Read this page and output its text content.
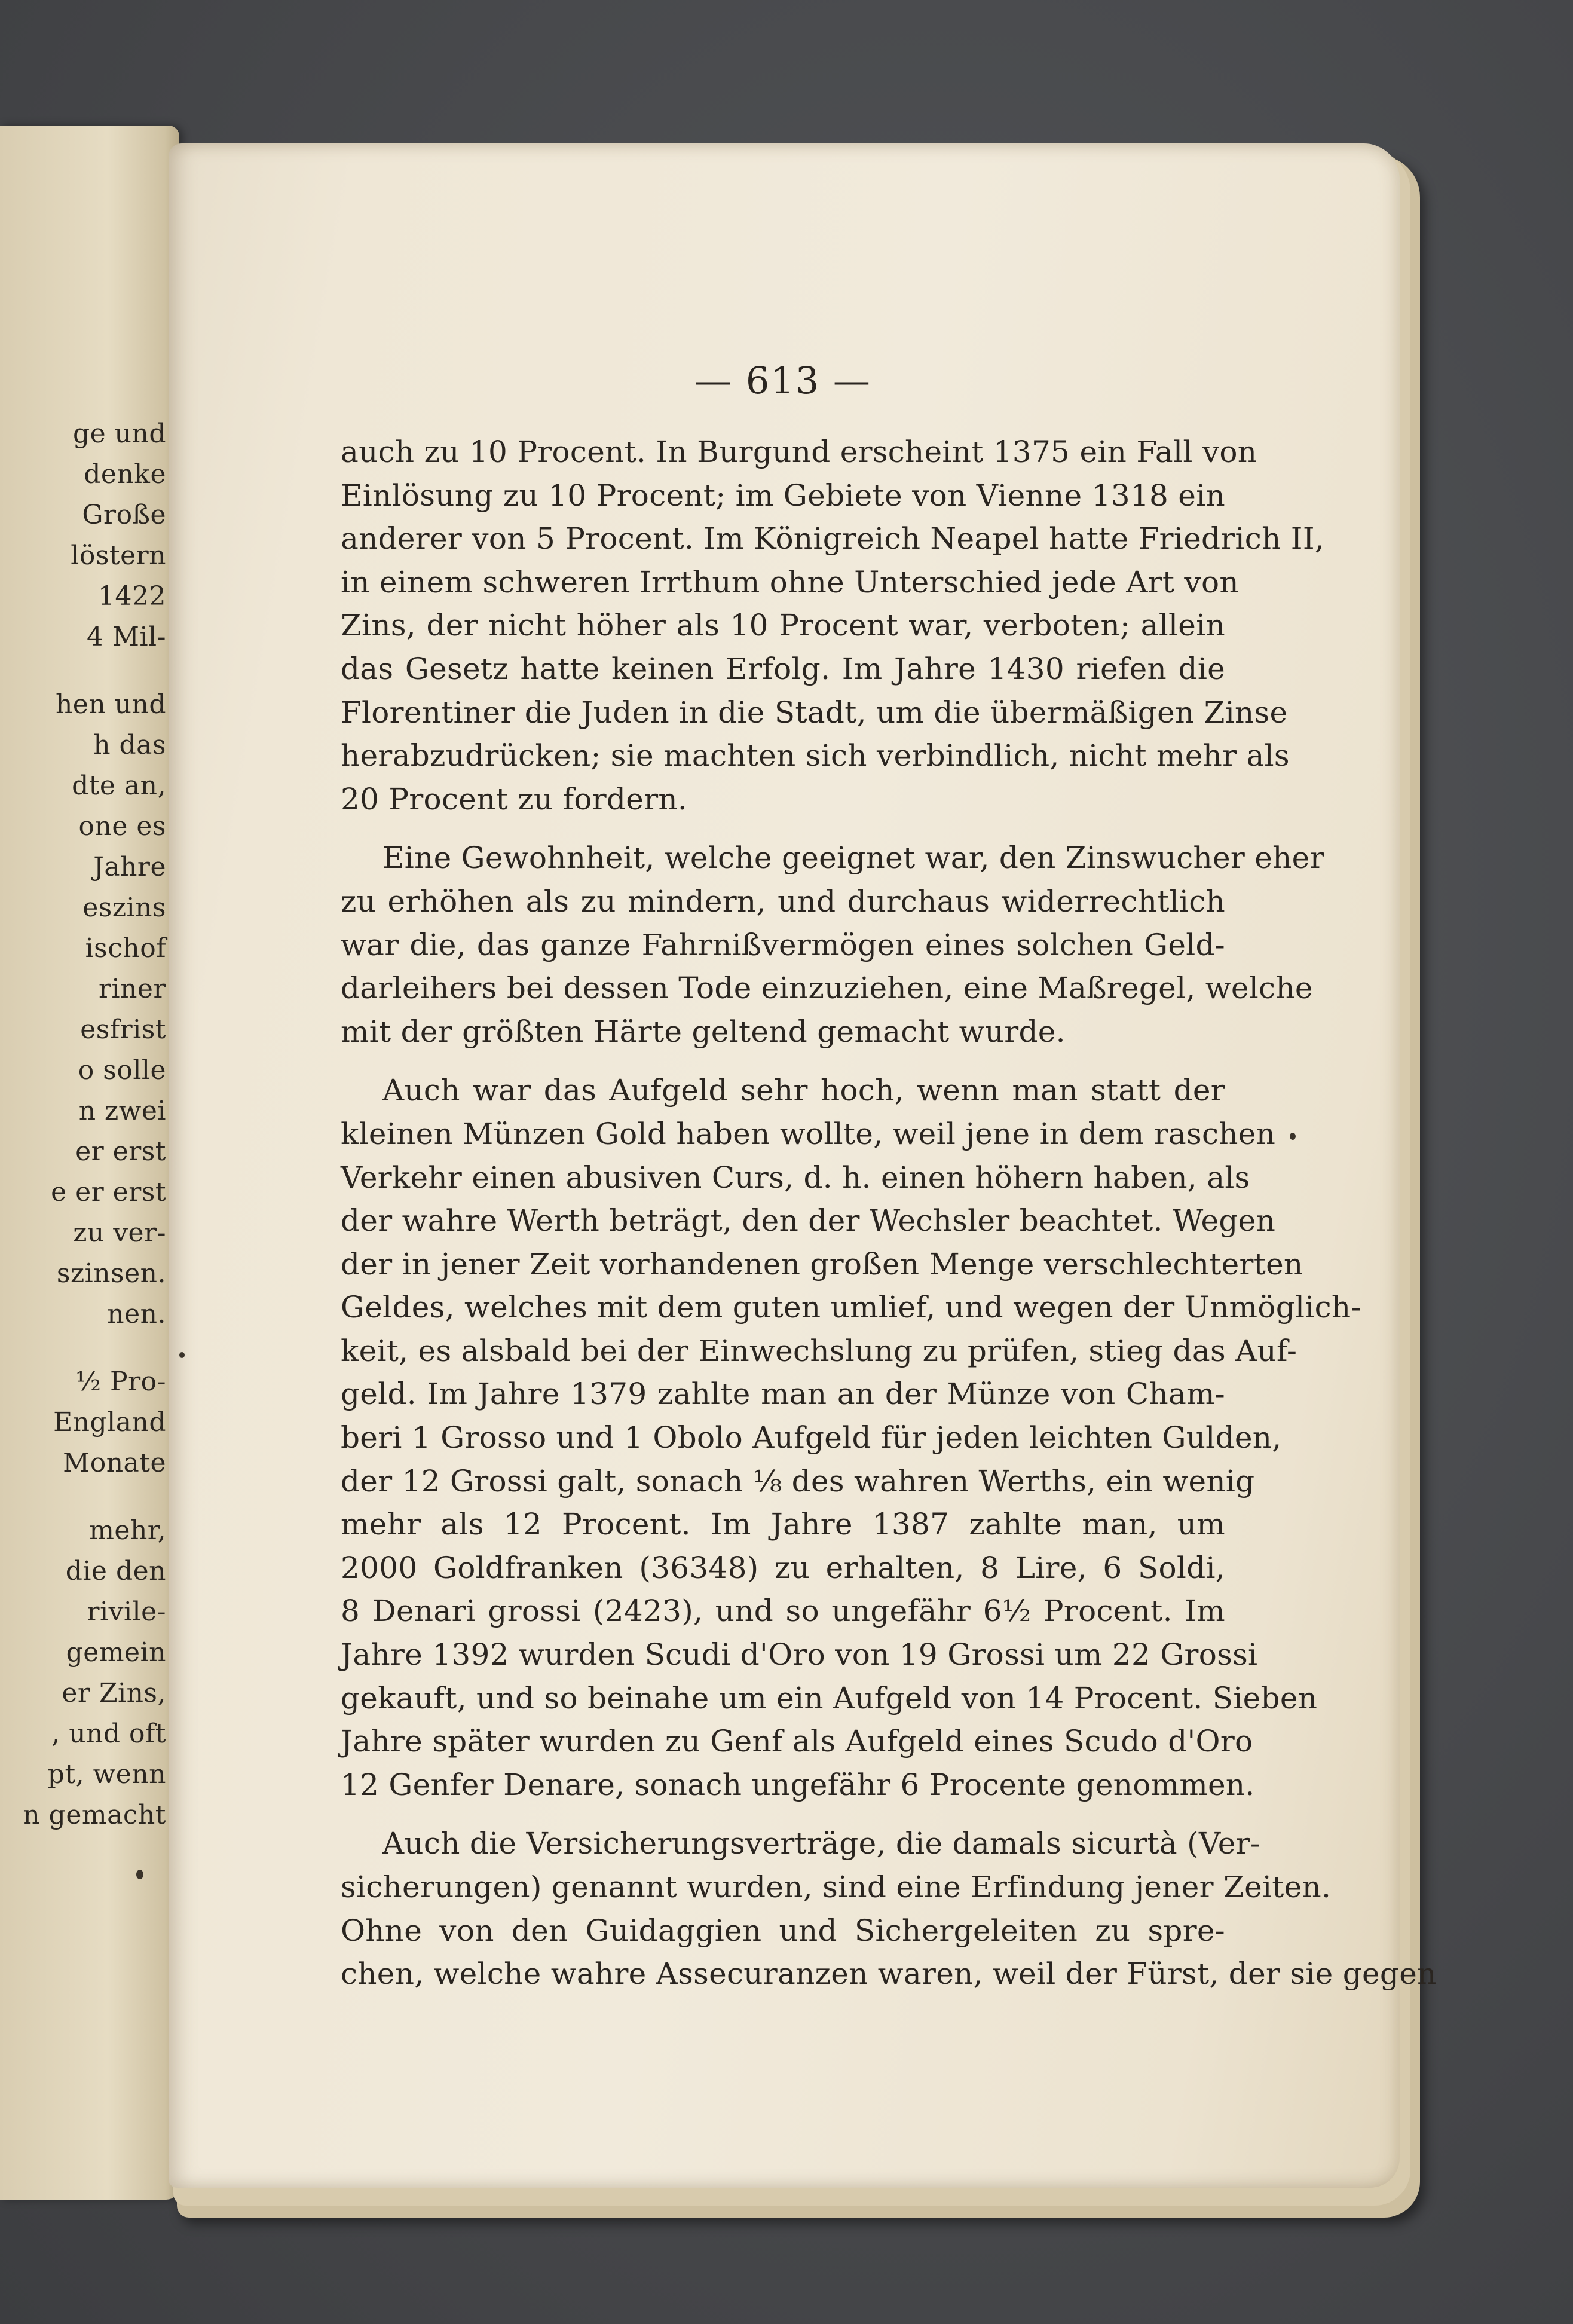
ge und
denke
Große
löstern
1422
4 Mil-
hen und
h das
dte an,
one es
Jahre
eszins
ischof
riner
esfrist
o solle
n zwei
er erst
e er erst
zu ver-
szinsen.
nen.
½ Pro-
England
Monate
mehr,
die den
rivile-
gemein
er Zins,
, und oft
pt, wenn
n gemacht
— 613 —
auch zu 10 Procent. In Burgund erscheint 1375 ein Fall von
Einlösung zu 10 Procent; im Gebiete von Vienne 1318 ein
anderer von 5 Procent. Im Königreich Neapel hatte Friedrich II,
in einem schweren Irrthum ohne Unterschied jede Art von
Zins, der nicht höher als 10 Procent war, verboten; allein
das Gesetz hatte keinen Erfolg. Im Jahre 1430 riefen die
Florentiner die Juden in die Stadt, um die übermäßigen Zinse
herabzudrücken; sie machten sich verbindlich, nicht mehr als
20 Procent zu fordern.
Eine Gewohnheit, welche geeignet war, den Zinswucher eher
zu erhöhen als zu mindern, und durchaus widerrechtlich
war die, das ganze Fahrnißvermögen eines solchen Geld-
darleihers bei dessen Tode einzuziehen, eine Maßregel, welche
mit der größten Härte geltend gemacht wurde.
Auch war das Aufgeld sehr hoch, wenn man statt der
kleinen Münzen Gold haben wollte, weil jene in dem raschen
Verkehr einen abusiven Curs, d. h. einen höhern haben, als
der wahre Werth beträgt, den der Wechsler beachtet. Wegen
der in jener Zeit vorhandenen großen Menge verschlechterten
Geldes, welches mit dem guten umlief, und wegen der Unmöglich-
keit, es alsbald bei der Einwechslung zu prüfen, stieg das Auf-
geld. Im Jahre 1379 zahlte man an der Münze von Cham-
beri 1 Grosso und 1 Obolo Aufgeld für jeden leichten Gulden,
der 12 Grossi galt, sonach ⅛ des wahren Werths, ein wenig
mehr als 12 Procent. Im Jahre 1387 zahlte man, um
2000 Goldfranken (36348) zu erhalten, 8 Lire, 6 Soldi,
8 Denari grossi (2423), und so ungefähr 6½ Procent. Im
Jahre 1392 wurden Scudi d'Oro von 19 Grossi um 22 Grossi
gekauft, und so beinahe um ein Aufgeld von 14 Procent. Sieben
Jahre später wurden zu Genf als Aufgeld eines Scudo d'Oro
12 Genfer Denare, sonach ungefähr 6 Procente genommen.
Auch die Versicherungsverträge, die damals sicurtà (Ver-
sicherungen) genannt wurden, sind eine Erfindung jener Zeiten.
Ohne von den Guidaggien und Sichergeleiten zu spre-
chen, welche wahre Assecuranzen waren, weil der Fürst, der sie gegen
